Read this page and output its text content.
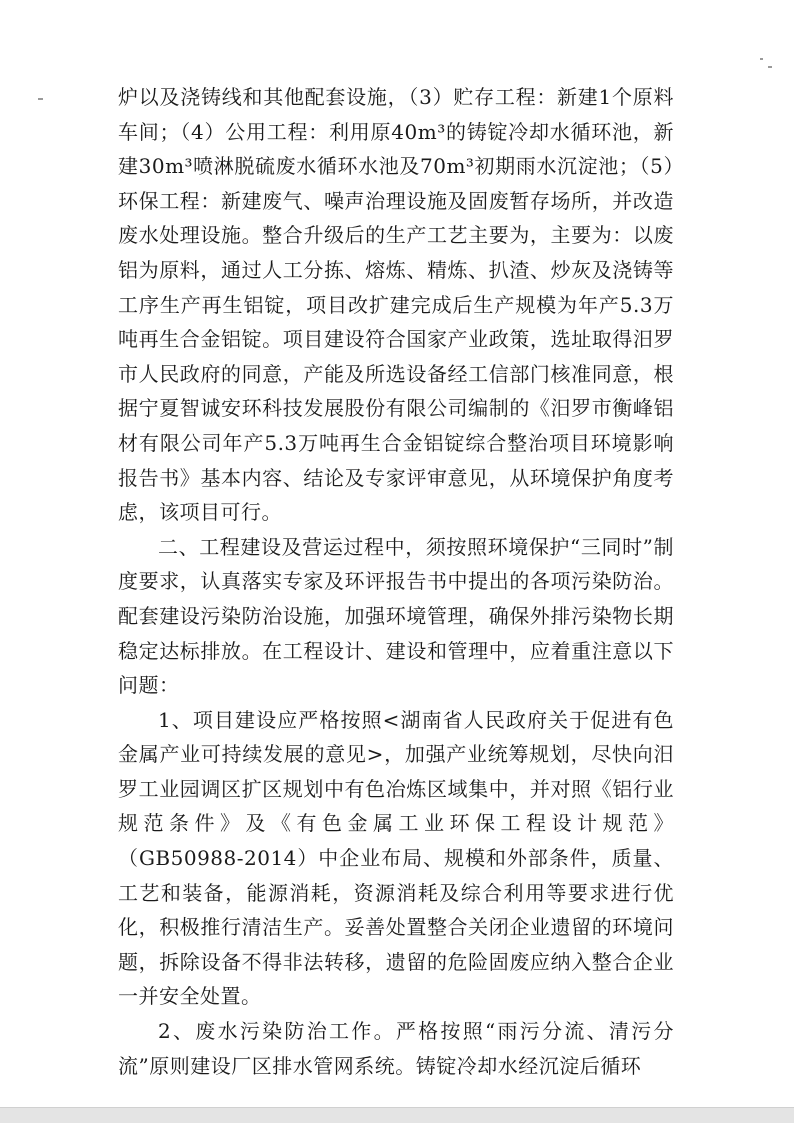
炉以及浇铸线和其他配套设施，（3）贮存工程：新建1个原料车间；（4）公用工程：利用原40m³的铸锭冷却水循环池，新建30m³喷淋脱硫废水循环水池及70m³初期雨水沉淀池；（5）环保工程：新建废气、噪声治理设施及固废暂存场所，并改造废水处理设施。整合升级后的生产工艺主要为，主要为：以废铝为原料，通过人工分拣、熔炼、精炼、扒渣、炒灰及浇铸等工序生产再生铝锭，项目改扩建完成后生产规模为年产5.3万吨再生合金铝锭。项目建设符合国家产业政策，选址取得汨罗市人民政府的同意，产能及所选设备经工信部门核准同意，根据宁夏智诚安环科技发展股份有限公司编制的《汨罗市衡峰铝材有限公司年产5.3万吨再生合金铝锭综合整治项目环境影响报告书》基本内容、结论及专家评审意见，从环境保护角度考虑，该项目可行。

二、工程建设及营运过程中，须按照环境保护“三同时”制度要求，认真落实专家及环评报告书中提出的各项污染防治。配套建设污染防治设施，加强环境管理，确保外排污染物长期稳定达标排放。在工程设计、建设和管理中，应着重注意以下问题：

1、项目建设应严格按照<湖南省人民政府关于促进有色金属产业可持续发展的意见>，加强产业统筹规划，尽快向汨罗工业园调区扩区规划中有色冶炼区域集中，并对照《铝行业规范条件》及《有色金属工业环保工程设计规范》（GB50988-2014）中企业布局、规模和外部条件，质量、工艺和装备，能源消耗，资源消耗及综合利用等要求进行优化，积极推行清洁生产。妥善处置整合关闭企业遗留的环境问题，拆除设备不得非法转移，遗留的危险固废应纳入整合企业一并安全处置。

2、废水污染防治工作。严格按照“雨污分流、清污分流”原则建设厂区排水管网系统。铸锭冷却水经沉淀后循环
